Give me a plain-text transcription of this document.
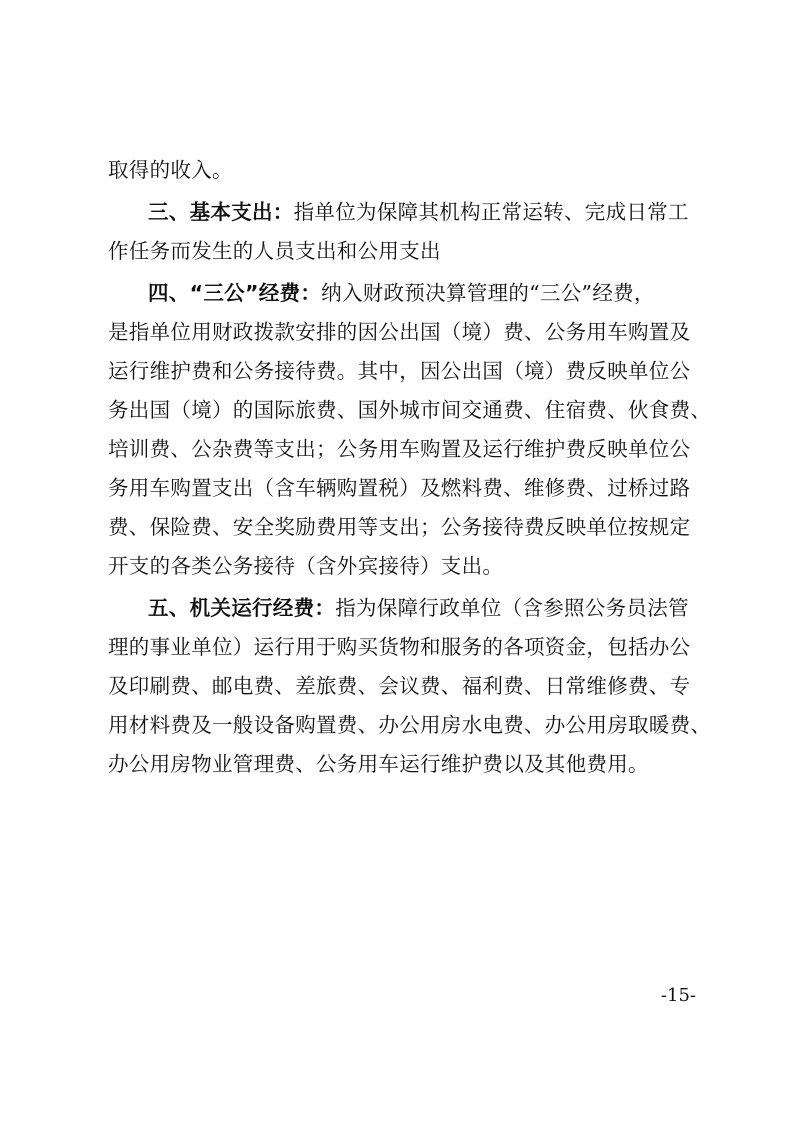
取得的收入。
三、基本支出：指单位为保障其机构正常运转、完成日常工
作任务而发生的人员支出和公用支出
四、“三公”经费：纳入财政预决算管理的“三公”经费，
是指单位用财政拨款安排的因公出国（境）费、公务用车购置及
运行维护费和公务接待费。其中，因公出国（境）费反映单位公
务出国（境）的国际旅费、国外城市间交通费、住宿费、伙食费、
培训费、公杂费等支出；公务用车购置及运行维护费反映单位公
务用车购置支出（含车辆购置税）及燃料费、维修费、过桥过路
费、保险费、安全奖励费用等支出；公务接待费反映单位按规定
开支的各类公务接待（含外宾接待）支出。
五、机关运行经费：指为保障行政单位（含参照公务员法管
理的事业单位）运行用于购买货物和服务的各项资金，包括办公
及印刷费、邮电费、差旅费、会议费、福利费、日常维修费、专
用材料费及一般设备购置费、办公用房水电费、办公用房取暖费、
办公用房物业管理费、公务用车运行维护费以及其他费用。
-15-
